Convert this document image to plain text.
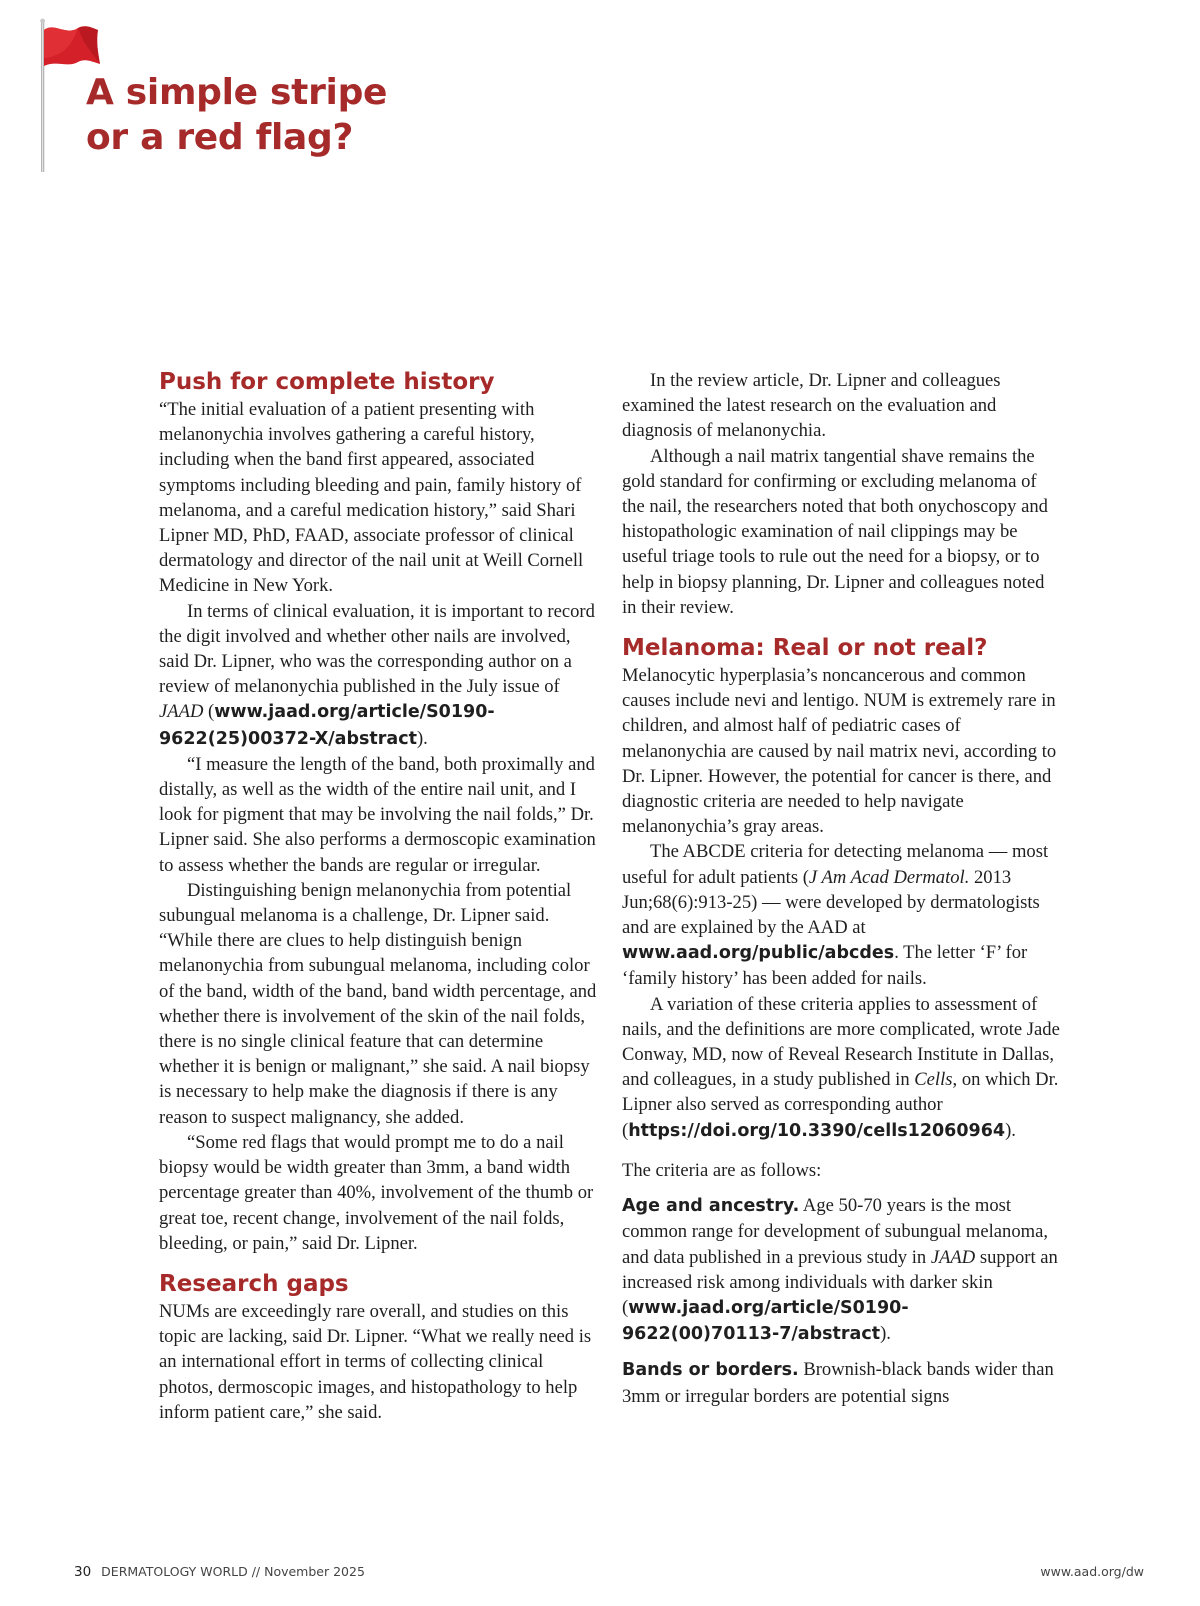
A simple stripe
or a red flag?
Push for complete history

“The initial evaluation of a patient presenting with melanonychia involves gathering a careful history, including when the band first appeared, associated symptoms including bleeding and pain, family history of melanoma, and a careful medication history,” said Shari Lipner MD, PhD, FAAD, associate professor of clinical dermatology and director of the nail unit at Weill Cornell Medicine in New York.

In terms of clinical evaluation, it is important to record the digit involved and whether other nails are involved, said Dr. Lipner, who was the corresponding author on a review of melanonychia published in the July issue of JAAD (www.jaad.org/article/S0190-9622(25)00372-X/abstract).

“I measure the length of the band, both proximally and distally, as well as the width of the entire nail unit, and I look for pigment that may be involving the nail folds,” Dr. Lipner said. She also performs a dermoscopic examination to assess whether the bands are regular or irregular.

Distinguishing benign melanonychia from potential subungual melanoma is a challenge, Dr. Lipner said. “While there are clues to help distinguish benign melanonychia from subungual melanoma, including color of the band, width of the band, band width percentage, and whether there is involvement of the skin of the nail folds, there is no single clinical feature that can determine whether it is benign or malignant,” she said. A nail biopsy is necessary to help make the diagnosis if there is any reason to suspect malignancy, she added.

“Some red flags that would prompt me to do a nail biopsy would be width greater than 3mm, a band width percentage greater than 40%, involvement of the thumb or great toe, recent change, involvement of the nail folds, bleeding, or pain,” said Dr. Lipner.

Research gaps

NUMs are exceedingly rare overall, and studies on this topic are lacking, said Dr. Lipner. “What we really need is an international effort in terms of collecting clinical photos, dermoscopic images, and histopathology to help inform patient care,” she said.

In the review article, Dr. Lipner and colleagues examined the latest research on the evaluation and diagnosis of melanonychia.

Although a nail matrix tangential shave remains the gold standard for confirming or excluding melanoma of the nail, the researchers noted that both onychoscopy and histopathologic examination of nail clippings may be useful triage tools to rule out the need for a biopsy, or to help in biopsy planning, Dr. Lipner and colleagues noted in their review.

Melanoma: Real or not real?

Melanocytic hyperplasia’s noncancerous and common causes include nevi and lentigo. NUM is extremely rare in children, and almost half of pediatric cases of melanonychia are caused by nail matrix nevi, according to Dr. Lipner. However, the potential for cancer is there, and diagnostic criteria are needed to help navigate melanonychia’s gray areas.

The ABCDE criteria for detecting melanoma — most useful for adult patients (J Am Acad Dermatol. 2013 Jun;68(6):913-25) — were developed by dermatologists and are explained by the AAD at www.aad.org/public/abcdes. The letter ‘F’ for ‘family history’ has been added for nails.

A variation of these criteria applies to assessment of nails, and the definitions are more complicated, wrote Jade Conway, MD, now of Reveal Research Institute in Dallas, and colleagues, in a study published in Cells, on which Dr. Lipner also served as corresponding author (https://doi.org/10.3390/cells12060964).

The criteria are as follows:

Age and ancestry. Age 50-70 years is the most common range for development of subungual melanoma, and data published in a previous study in JAAD support an increased risk among individuals with darker skin (www.jaad.org/article/S0190-9622(00)70113-7/abstract).

Bands or borders. Brownish-black bands wider than 3mm or irregular borders are potential signs

30 DERMATOLOGY WORLD // November 2025	www.aad.org/dw
